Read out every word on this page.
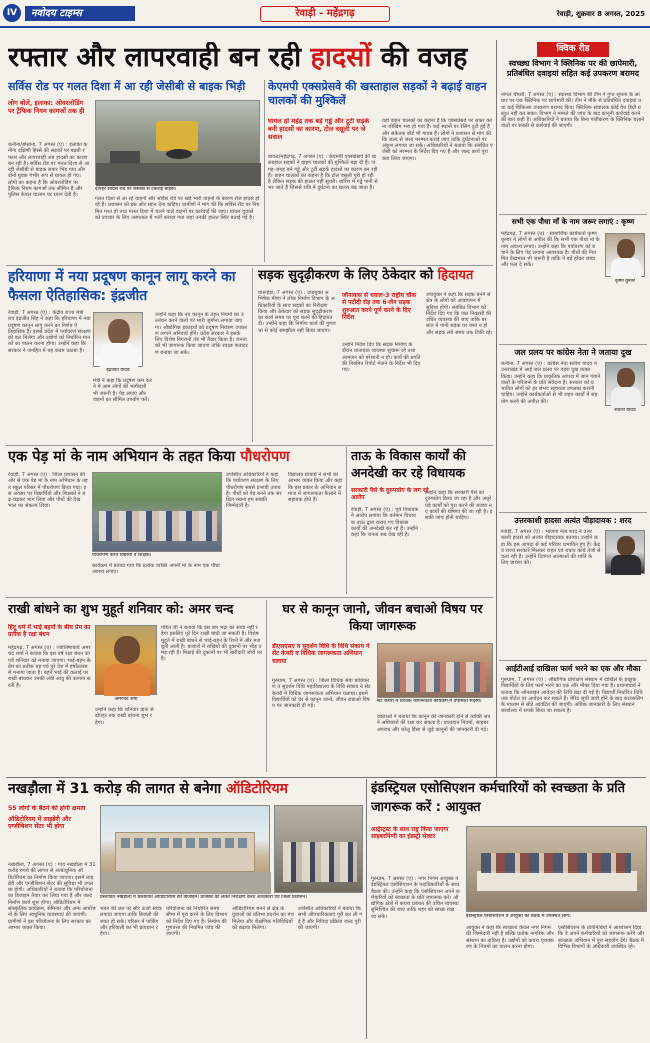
IV	नवोदय टाइम्स	रेवाड़ी - महेंद्रगढ़	रेवाड़ी, शुक्रवार 8 अगस्त, 2025
रफ्तार और लापरवाही बन रही हादसों की वजह
सर्विस रोड पर गलत दिशा में आ रही जेसीबी से बाइक भिड़ी	केएमपी एक्सप्रेसवे की खस्ताहाल सड़कों ने बढ़ाई वाहन चालकों की मुश्किलें
लोग बोले, इलाका: ओवरलोडिंग पर ट्रैफिक नियम कागजों तक ही
कनीना/बोसाना, 7 अगस्त (ए) : इलाका कनीना दक्षिणी हिस्से की सड़कों पर बढ़ती रफ्तार और लापरवाही अब हादसों का कारण बन रही है। सर्विस रोड पर गलत दिशा से आ रही जेसीबी से बाइक सवार भिड़ गया और दोनों युवक गंभीर रूप से घायल हो गए। लोगों का कहना है कि ओवरलोडिंग पर ट्रैफिक नियम कागजों तक सीमित हैं और पुलिस केवल चालान पर ध्यान देती है।
दोपहर सर्विस रोड पर जेसीबी से टकराई बाइक।
गलत दिशा से आ रहे वाहनों और सर्विस रोड पर खड़े भारी वाहनों के कारण रोज हादसे हो रहे हैं। प्रशासन को इस ओर ध्यान देना चाहिए। ग्रामीणों ने मांग की कि सर्विस रोड पर नियमित गश्त हो तथा गलत दिशा में चलने वाले वाहनों पर कार्रवाई की जाए। घायल युवकों को उपचार के लिए अस्पताल में भर्ती कराया गया जहां उनकी हालत स्थिर बताई गई है।
घायल हो महेंद्र तक बड़े गड्ढे और टूटी सड़कें बनी हादसों का कारण, टोल वसूली पर जे सवाल
बावल/महेंद्रगढ़, 7 अगस्त (ए) : केएमपी एक्सप्रेसवे की खस्ताहाल सड़कों ने वाहन चालकों की मुश्किलें बढ़ा दी हैं। जगह-जगह बने गड्ढे और टूटी सड़कें हादसों का कारण बन रही हैं। वाहन चालकों का कहना है कि टोल वसूली पूरी हो रही है लेकिन सड़क की हालत नहीं सुधरी। बारिश में गड्ढे पानी से भर जाते हैं जिससे रात्रि में दुर्घटना का खतरा बढ़ जाता है।
यहां वाहन चालकों का कहना है कि एक्सप्रेसवे पर सफर करना जोखिम भरा हो गया है। कई स्थानों पर रेलिंग टूटी हुई है और संकेतक बोर्ड भी गायब हैं। लोगों ने प्रशासन से मांग की कि जल्द से जल्द मरम्मत कराई जाए ताकि दुर्घटनाओं पर अंकुश लगाया जा सके। अधिकारियों ने बताया कि संबंधित एजेंसी को मरम्मत के निर्देश दिए गए हैं और जल्द कार्य पूरा करा लिया जाएगा।
हरियाणा में नया प्रदूषण कानून लागू करने का फैसला ऐतिहासिक: इंद्रजीत
रेवाड़ी, 7 अगस्त (ए) : केंद्रीय राज्य मंत्री राव इंद्रजीत सिंह ने कहा कि हरियाणा में नया प्रदूषण कानून लागू करने का निर्णय ऐतिहासिक है। इससे प्रदेश में पर्यावरण संरक्षण को बल मिलेगा और उद्योगों को निर्धारित मानकों का पालन करना होगा। उन्होंने कहा कि सरकार ने जनहित में यह कदम उठाया है।
इंद्रजीत यादव
मंत्री ने कहा कि प्रदूषण कम करने में आम लोगों की भागीदारी भी जरूरी है। पेड़ लगाएं और वाहनों का सीमित उपयोग करें।
उन्होंने कहा कि नए कानून के तहत नियमों का उल्लंघन करने वालों पर भारी जुर्माना लगाया जाएगा। औद्योगिक इकाइयों को प्रदूषण नियंत्रण उपकरण लगाने अनिवार्य होंगे। प्रदेश सरकार ने इसके लिए विशेष निगरानी तंत्र भी तैयार किया है। जनता को भी जागरूक किया जाएगा ताकि स्वच्छ वातावरण बनाया जा सके।
सड़क सुदृढ़ीकरण के लिए ठेकेदार को हिदायत
धारूहेड़ा, 7 अगस्त (ए) : उपायुक्त अभिषेक मीणा ने लोक निर्माण विभाग के अधिकारियों के साथ सड़कों का निरीक्षण किया और ठेकेदार को सड़क सुदृढ़ीकरण का कार्य समय पर पूरा करने की हिदायत दी। उन्होंने कहा कि निर्माण कार्य की गुणवत्ता से कोई समझौता नहीं किया जाएगा।
जौनावास से धवाल-3 राष्ट्रीय चौक से पटौदी रोड़ तक 6-लेन सड़क शुरुआत करने पूर्ण करने के दिए निर्देश
उन्होंने निर्देश दिए कि सड़क निर्माण के दौरान यातायात व्यवस्था सुचारू रहे तथा आमजन को परेशानी न हो। कार्य की प्रगति की नियमित रिपोर्ट भेजने के निर्देश भी दिए गए।
उपायुक्त ने कहा कि सड़क बनने से क्षेत्र के लोगों को आवागमन में सुविधा होगी। संबंधित विभाग को निर्देश दिए गए कि जल निकासी की उचित व्यवस्था की जाए ताकि बरसात में पानी सड़क पर जमा न हो और सड़क लंबे समय तक टिकी रहे।
एक पेड़ मां के नाम अभियान के तहत किया पौधरोपण
रेवाड़ी, 7 अगस्त (ए) : जिला प्रशासन की ओर से एक पेड़ मां के नाम अभियान के तहत स्कूल परिसर में पौधरोपण किया गया। इस अवसर पर विद्यार्थियों और शिक्षकों ने बढ़-चढ़कर भाग लिया और पौधों की देखभाल का संकल्प लिया।
पौधरोपण करते विद्यार्थी व शिक्षक।
कार्यक्रम में बताया गया कि प्रत्येक व्यक्ति अपनी मां के नाम एक पौधा अवश्य लगाए।
उपस्थित अधिकारियों ने कहा कि पर्यावरण संरक्षण के लिए पौधरोपण सबसे प्रभावी उपाय है। पौधों को पेड़ बनने तक संरक्षित रखना हम सबकी जिम्मेदारी है।
विद्यालय प्राचार्य ने सभी का आभार व्यक्त किया और कहा कि इस प्रकार के अभियान समाज में जागरूकता फैलाने में सहायक होते हैं।
ताऊ के विकास कार्यों की अनदेखी कर रहे विधायक
सरकारी पैसे के दुरुपयोग के लग रहे आरोप
रेवाड़ी, 7 अगस्त (ए) : पूर्व विधायक ने आरोप लगाया कि वर्तमान विधायक ताऊ द्वारा कराए गए विकास कार्यों की अनदेखी कर रहे हैं। उन्होंने कहा कि जनता सब देख रही है।
उन्होंने कहा कि सरकारी पैसे का दुरुपयोग किया जा रहा है और अधूरे पड़े कार्यों को पूरा करने की बजाय नए कार्यों की घोषणा की जा रही है। इसकी जांच होनी चाहिए।
राखी बांधने का शुभ मुहूर्त शनिवार को: अमर चन्द
हिंदू धर्म में भाई बहनों के बीच प्रेम का प्रतीक है रक्षा बंधन
महेंद्रगढ़, 7 अगस्त (ए) : ज्योतिषाचार्य अमरचंद शर्मा ने बताया कि इस वर्ष रक्षा बंधन का पर्व शनिवार को मनाया जाएगा। भाई-बहन के प्रेम का प्रतीक यह पर्व पूरे देश में हर्षोल्लास से मनाया जाता है। बहनें भाई की कलाई पर राखी बांधकर उनकी लंबी आयु की कामना करती हैं।
अमरचंद शर्मा
उन्होंने कहा कि शनिवार प्रातः से दोपहर तक राखी बांधना शुभ रहेगा।
पंडित जी ने बताया कि इस बार भद्रा का साया नहीं रहेगा इसलिए पूरे दिन राखी बांधी जा सकती है। विशेष मुहूर्त में राखी बांधने से भाई-बहन के रिश्ते में और मजबूती आती है। बाजारों में राखियों की दुकानों पर भीड़ उमड़ रही है। मिठाई की दुकानों पर भी खरीदारी जोरों पर है।
घर से कानून जानो, जीवन बचाओ विषय पर किया जागरूक
डीएलएसए व सुदर्शन विधि के विधि संकाय ने सेंट केयरी व विधिक जागरूकता अभियान चलाया
गुरुग्राम, 7 अगस्त (ए) : जिला विधिक सेवा प्राधिकरण व सुदर्शन विधि महाविद्यालय के विधि संकाय ने सेंट केयरी में विधिक जागरूकता अभियान चलाया। इसमें विद्यार्थियों को घर से कानून जानो, जीवन बचाओ विषय पर जानकारी दी गई।
सेंट केयरी में विधिक जागरूकता कार्यक्रम में उपस्थित सदस्य।
वक्ताओं ने बताया कि कानून की जानकारी होने से व्यक्ति अपने अधिकारों की रक्षा कर सकता है। यातायात नियमों, साइबर अपराध और घरेलू हिंसा से जुड़े कानूनों की जानकारी दी गई।
क्विक रीड
स्वच्छ्य विभाग ने क्लिनिक पर की छापेमारी, प्रतिबंधित दवाइयां सहित कई उपकरण बरामद
नांगल चौधरी, 7 अगस्त (ए) : स्वास्थ्य विभाग की टीम ने गुप्त सूचना के आधार पर एक क्लिनिक पर छापेमारी की। टीम ने मौके से प्रतिबंधित दवाइयां तथा कई चिकित्सा उपकरण बरामद किए। क्लिनिक संचालक कोई वैध डिग्री प्रस्तुत नहीं कर सका। विभाग ने मामले की जांच के बाद कानूनी कार्रवाई करने की बात कही है। अधिकारियों ने बताया कि बिना पंजीकरण के क्लिनिक चलाने वालों पर सख्ती से कार्रवाई की जाएगी।
सभी एक पौधा माँ के नाम जरूर लगाएं : कृष्ण
महेंद्रगढ़, 7 अगस्त (ए) : सामाजिक कार्यकर्ता कृष्ण कुमार ने लोगों से अपील की कि सभी एक पौधा मां के नाम अवश्य लगाएं। उन्होंने कहा कि पर्यावरण को बचाने के लिए पेड़ लगाना आवश्यक है। पौधों की नियमित देखभाल भी जरूरी है ताकि वे बड़े होकर छाया और फल दे सकें।
कृष्ण कुमार
जल प्रलय पर कांग्रेस नेता ने जताया दुख
कनीना, 7 अगस्त (ए) : कांग्रेस नेता सतीश यादव ने उत्तराखंड में आई जल प्रलय पर गहरा दुख व्यक्त किया। उन्होंने कहा कि प्राकृतिक आपदा में जान गंवाने वालों के परिजनों के प्रति संवेदना है। सरकार को प्रभावित लोगों को हर संभव सहायता उपलब्ध करानी चाहिए। उन्होंने कार्यकर्ताओं से भी राहत कार्यों में सहयोग करने की अपील की।
सतीश यादव
उत्तरकाशी हादसा अत्यंत पीड़ादायक : शरद
रेवाड़ी, 7 अगस्त (ए) : भाजपा नेता शरद ने उत्तरकाशी हादसे को अत्यंत पीड़ादायक बताया। उन्होंने कहा कि इस आपदा से कई परिवार प्रभावित हुए हैं। केंद्र व राज्य सरकारें मिलकर राहत एवं बचाव कार्य तेजी से चला रही हैं। उन्होंने दिवंगत आत्माओं की शांति के लिए प्रार्थना की।
आईटीआई दाखिला फार्म भरने का एक और मौका
गुरुग्राम, 7 अगस्त (ए) : औद्योगिक प्रशिक्षण संस्थान में दाखिले के इच्छुक विद्यार्थियों के लिए फार्म भरने का एक और मौका दिया गया है। प्रधानाचार्य ने बताया कि ऑनलाइन आवेदन की तिथि बढ़ा दी गई है। विद्यार्थी निर्धारित तिथि तक पोर्टल पर आवेदन कर सकते हैं। मेरिट सूची जारी होने के बाद काउंसलिंग के माध्यम से सीटें आवंटित की जाएंगी। अधिक जानकारी के लिए संस्थान कार्यालय में संपर्क किया जा सकता है।
नखड़ौला में 31 करोड़ की लागत से बनेगा ऑडिटोरियम
55 लोगों के बैठने की होगी क्षमता
ऑडिटोरियम में लाइब्रेरी और एग्जीबिशन सेंटर भी होगा
नखड़ौला, 7 अगस्त (ए) : गांव नखड़ौला में 31 करोड़ रुपये की लागत से अत्याधुनिक ऑडिटोरियम का निर्माण किया जाएगा। इसमें लाइब्रेरी और एग्जीबिशन सेंटर की सुविधा भी उपलब्ध होगी। अधिकारियों ने बताया कि परियोजना का डिजाइन तैयार कर लिया गया है और जल्द निर्माण कार्य शुरू होगा। ऑडिटोरियम में सांस्कृतिक कार्यक्रम, सेमिनार और अन्य आयोजनों के लिए आधुनिक व्यवस्थाएं की जाएंगी। ग्रामीणों ने इस परियोजना के लिए सरकार का आभार व्यक्त किया।
प्रस्तावित नखड़ौला में प्रस्तावित ऑडिटोरियम का डिजाइन। प्रोजेक्ट को लेकर निरीक्षण करते अधिकारी एवं जिला प्रशासन।
भवन की छत पर सौर ऊर्जा संयंत्र लगाया जाएगा ताकि बिजली की बचत हो सके। परिसर में पार्किंग और हरियाली का भी प्रावधान रहेगा।
परियोजना को निर्धारित समय सीमा में पूरा करने के लिए विभाग को निर्देश दिए गए हैं। निर्माण की गुणवत्ता की नियमित जांच की जाएगी।
ऑडिटोरियम बनने से क्षेत्र के युवाओं को प्रतिभा प्रदर्शन का मंच मिलेगा और शैक्षणिक गतिविधियों को बढ़ावा मिलेगा।
उपस्थित अधिकारियों ने बताया कि सभी औपचारिकताएं पूरी कर ली गई हैं और निविदा प्रक्रिया जल्द पूरी की जाएगी।
इंडस्ट्रियल एसोसिएशन कर्मचारियों को स्वच्छता के प्रति जागरूक करें : आयुक्त
आर्ट्रस्ट्रस्ट के साथ राष्ट्र किया जाएगा साइबरनिंग्गी का इंडस्ट्री सेक्टर
गुरुग्राम, 7 अगस्त (ए) : नगर निगम आयुक्त ने इंडस्ट्रियल एसोसिएशन के पदाधिकारियों के साथ बैठक की। उन्होंने कहा कि एसोसिएशन अपने कर्मचारियों को स्वच्छता के प्रति जागरूक करें। औद्योगिक क्षेत्रों में कचरा प्रबंधन की उचित व्यवस्था सुनिश्चित की जाए ताकि शहर को स्वच्छ रखा जा सके।	इंडस्ट्रियल एसोसिएशन व आयुक्त की बैठक में उपस्थित लोग।
आयुक्त ने कहा कि स्वच्छता केवल नगर निगम की जिम्मेदारी नहीं है बल्कि प्रत्येक नागरिक और संस्थान का दायित्व है। उद्योगों को कचरा पृथक्करण के नियमों का पालन करना होगा।
एसोसिएशन के प्रतिनिधियों ने आश्वासन दिया कि वे अपने कर्मचारियों को जागरूक करेंगे और स्वच्छता अभियान में पूरा सहयोग देंगे। बैठक में विभिन्न विभागों के अधिकारी उपस्थित रहे।
